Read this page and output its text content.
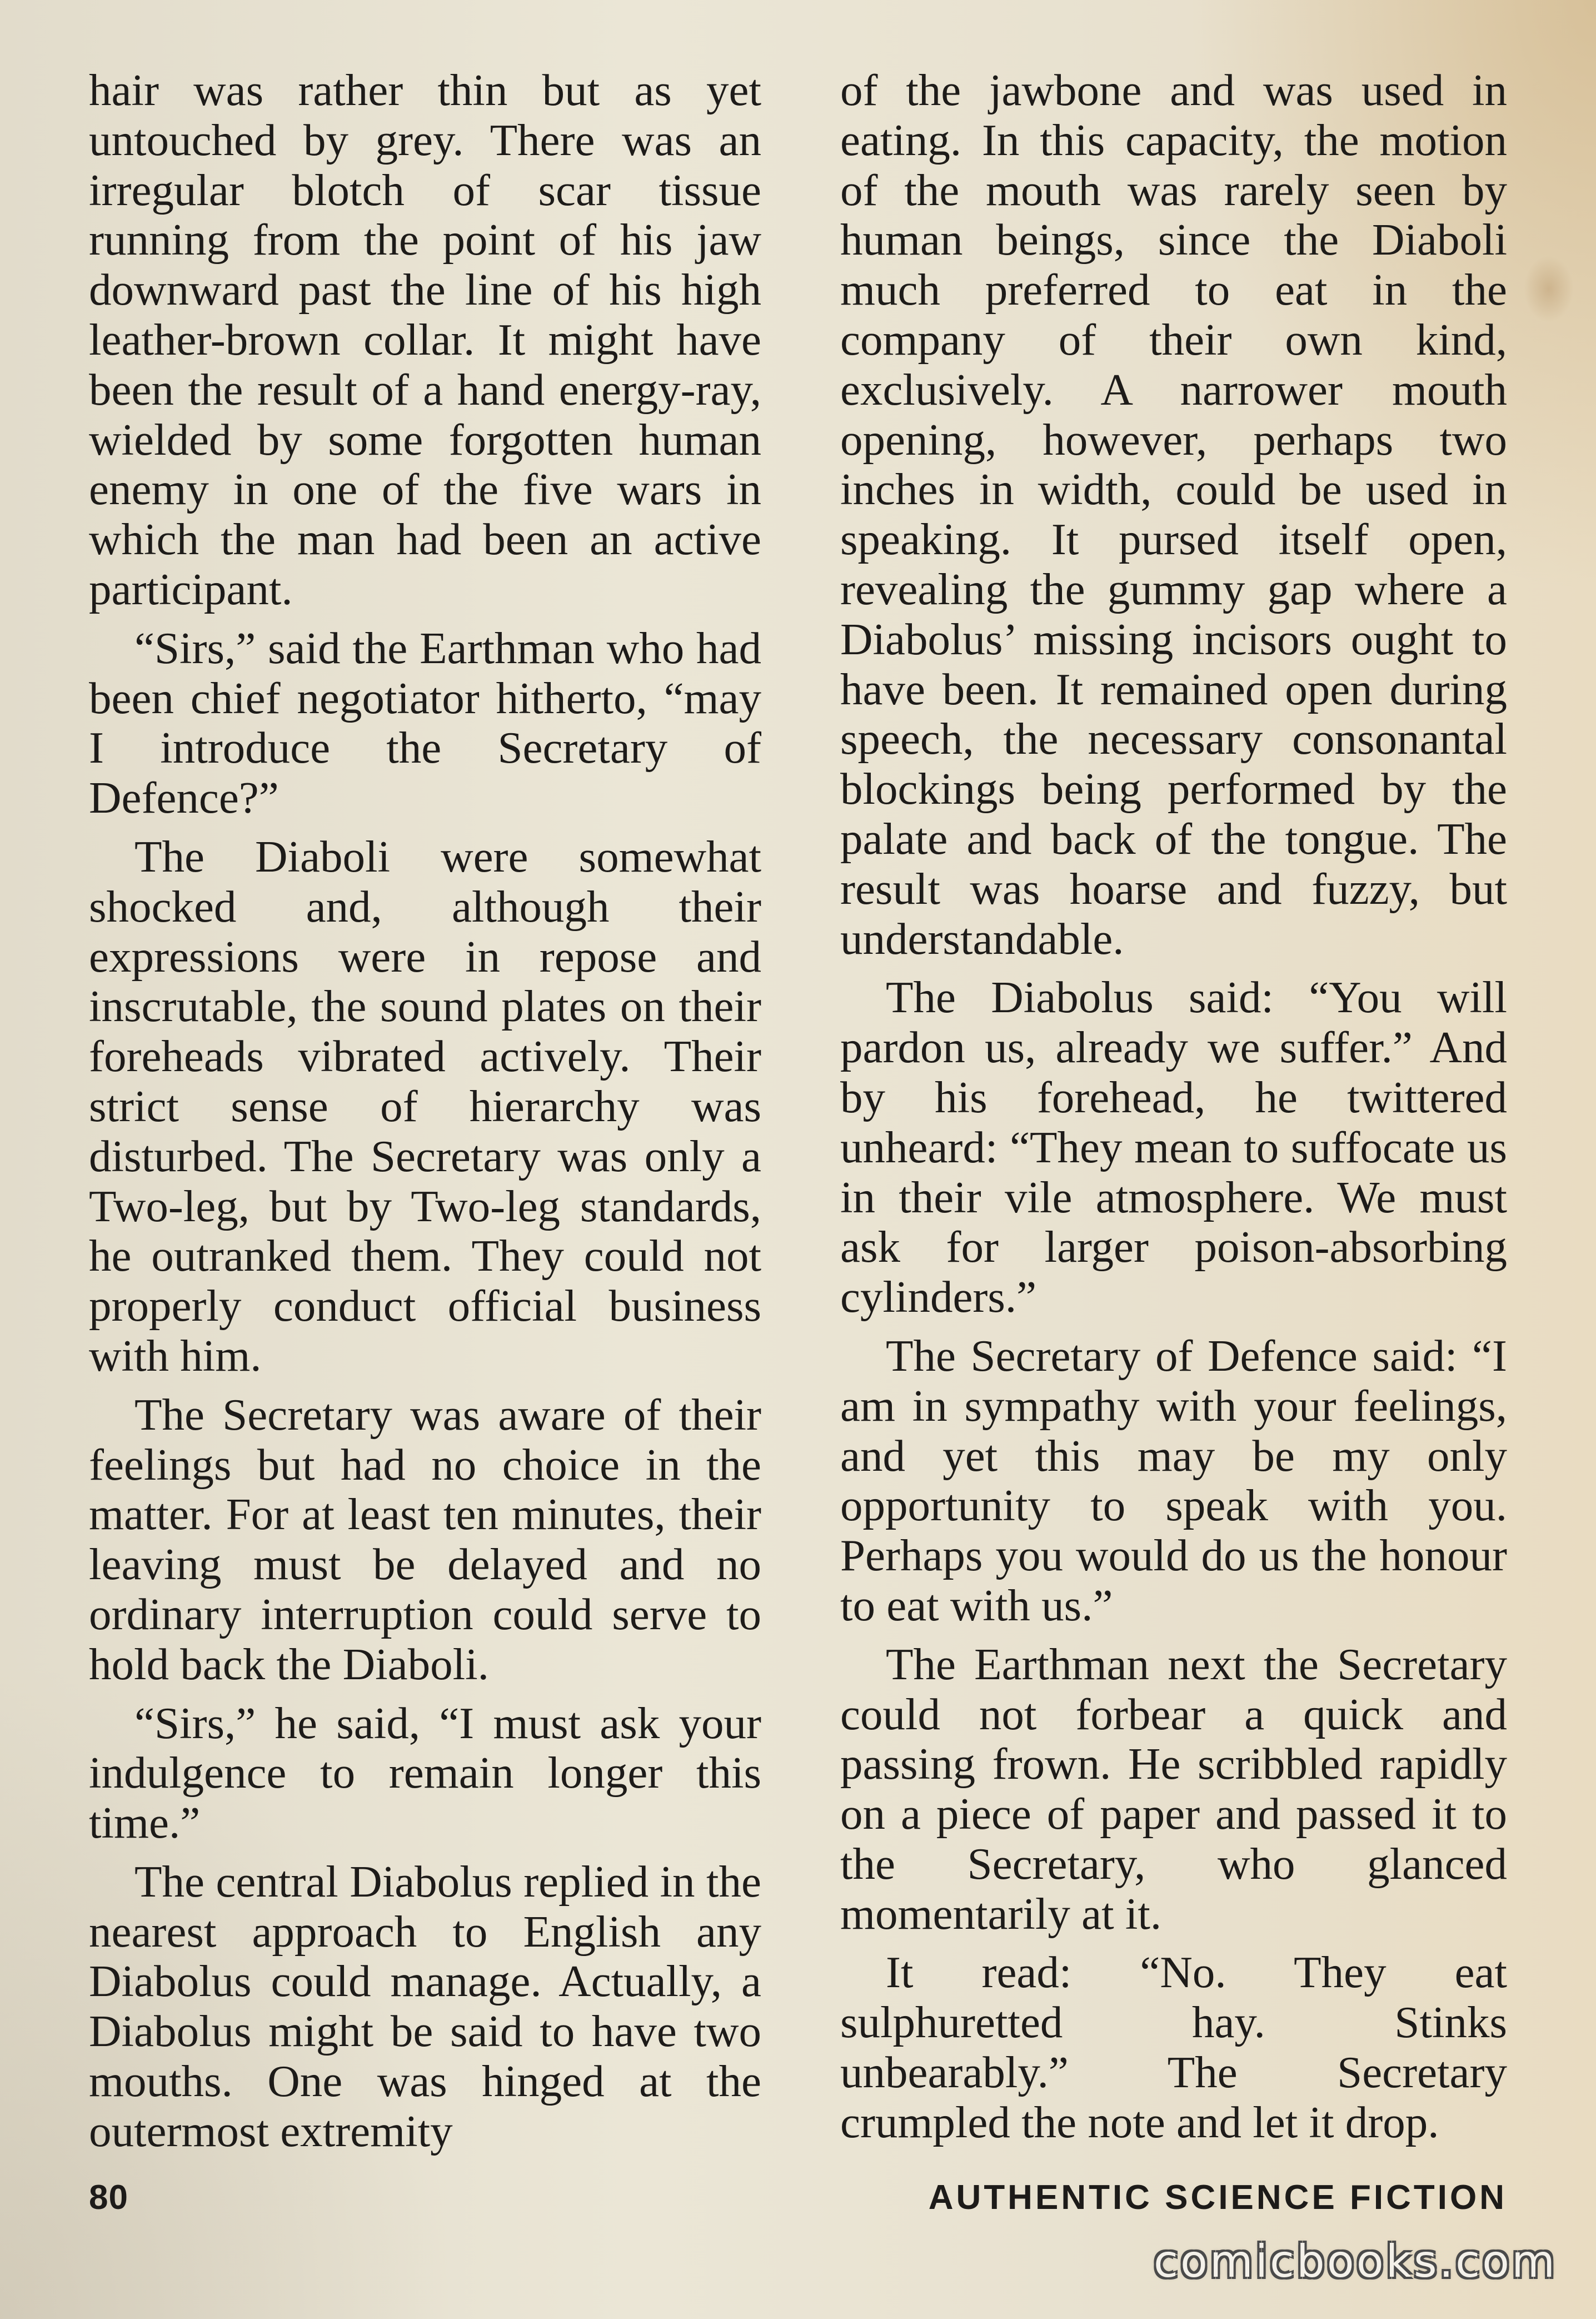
hair was rather thin but as yet untouched by grey. There was an irregular blotch of scar tissue running from the point of his jaw downward past the line of his high leather-brown collar. It might have been the result of a hand energy-ray, wielded by some forgotten human enemy in one of the five wars in which the man had been an active participant.

“Sirs,” said the Earthman who had been chief negotiator hitherto, “may I introduce the Secretary of Defence?”

The Diaboli were somewhat shocked and, although their expressions were in repose and inscrutable, the sound plates on their foreheads vibrated actively. Their strict sense of hierarchy was disturbed. The Secretary was only a Two-leg, but by Two-leg standards, he outranked them. They could not properly conduct official business with him.

The Secretary was aware of their feelings but had no choice in the matter. For at least ten minutes, their leaving must be delayed and no ordinary interruption could serve to hold back the Diaboli.

“Sirs,” he said, “I must ask your indulgence to remain longer this time.”

The central Diabolus replied in the nearest approach to English any Diabolus could manage. Actually, a Diabolus might be said to have two mouths. One was hinged at the outermost extremity

of the jawbone and was used in eating. In this capacity, the motion of the mouth was rarely seen by human beings, since the Diaboli much preferred to eat in the company of their own kind, exclusively. A narrower mouth opening, however, perhaps two inches in width, could be used in speaking. It pursed itself open, revealing the gummy gap where a Diabolus’ missing incisors ought to have been. It remained open during speech, the necessary consonantal blockings being performed by the palate and back of the tongue. The result was hoarse and fuzzy, but understandable.

The Diabolus said: “You will pardon us, already we suffer.” And by his forehead, he twittered unheard: “They mean to suffocate us in their vile atmosphere. We must ask for larger poison-absorbing cylinders.”

The Secretary of Defence said: “I am in sympathy with your feelings, and yet this may be my only opportunity to speak with you. Perhaps you would do us the honour to eat with us.”

The Earthman next the Secretary could not forbear a quick and passing frown. He scribbled rapidly on a piece of paper and passed it to the Secretary, who glanced momentarily at it.

It read: “No. They eat sulphuretted hay. Stinks unbearably.” The Secretary crumpled the note and let it drop.

80	AUTHENTIC SCIENCE FICTION
comicbooks.com
